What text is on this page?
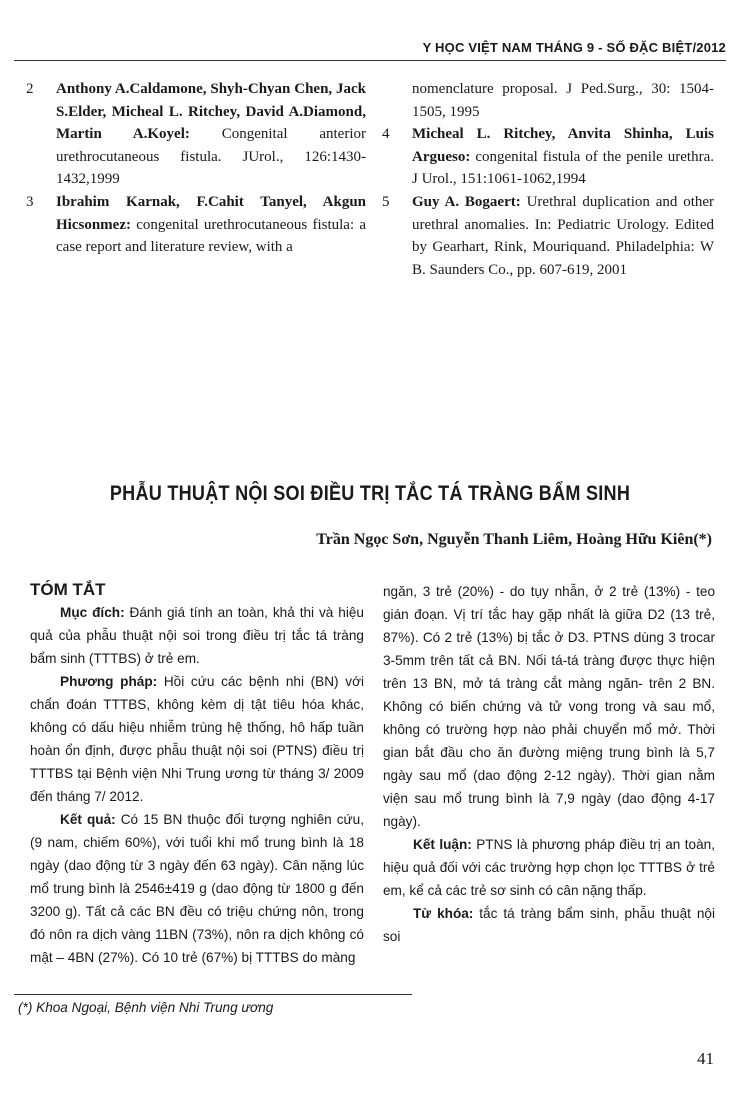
Y HỌC VIỆT NAM THÁNG 9 - SỐ ĐẶC BIỆT/2012
2	Anthony A.Caldamone, Shyh-Chyan Chen, Jack S.Elder, Micheal L. Ritchey, David A.Diamond, Martin A.Koyel: Congenital anterior urethrocutaneous fistula. JUrol., 126:1430-1432,1999
3	Ibrahim Karnak, F.Cahit Tanyel, Akgun Hicsonmez: congenital urethrocutaneous fistula: a case report and literature review, with a
nomenclature proposal. J Ped.Surg., 30: 1504-1505, 1995
4	Micheal L. Ritchey, Anvita Shinha, Luis Argueso: congenital fistula of the penile urethra. J Urol., 151:1061-1062,1994
5	Guy A. Bogaert: Urethral duplication and other urethral anomalies. In: Pediatric Urology. Edited by Gearhart, Rink, Mouriquand. Philadelphia: W B. Saunders Co., pp. 607-619, 2001
PHẪU THUẬT NỘI SOI ĐIỀU TRỊ TẮC TÁ TRÀNG BẨM SINH
Trần Ngọc Sơn, Nguyễn Thanh Liêm, Hoàng Hữu Kiên(*)

TÓM TẮT

Mục đích: Đánh giá tính an toàn, khả thi và hiệu quả của phẫu thuật nội soi trong điều trị tắc tá tràng bẩm sinh (TTTBS) ở trẻ em.

Phương pháp: Hồi cứu các bệnh nhi (BN) với chẩn đoán TTTBS, không kèm dị tật tiêu hóa khác, không có dấu hiệu nhiễm trùng hệ thống, hô hấp tuần hoàn ổn định, được phẫu thuật nội soi (PTNS) điều trị TTTBS tại Bệnh viện Nhi Trung ương từ tháng 3/ 2009 đến tháng 7/ 2012.

Kết quả: Có 15 BN thuộc đối tượng nghiên cứu, (9 nam, chiếm 60%), với tuổi khi mổ trung bình là 18 ngày (dao động từ 3 ngày đến 63 ngày). Cân nặng lúc mổ trung bình là 2546±419 g (dao động từ 1800 g đến 3200 g). Tất cả các BN đều có triệu chứng nôn, trong đó nôn ra dịch vàng 11BN (73%), nôn ra dịch không có mật – 4BN (27%). Có 10 trẻ (67%) bị TTTBS do màng

ngăn, 3 trẻ (20%) - do tụy nhẫn, ở 2 trẻ (13%) - teo gián đoạn. Vị trí tắc hay gặp nhất là giữa D2 (13 trẻ, 87%). Có 2 trẻ (13%) bị tắc ở D3. PTNS dùng 3 trocar 3-5mm trên tất cả BN. Nối tá-tá tràng được thực hiện trên 13 BN, mở tá tràng cắt màng ngăn- trên 2 BN. Không có biến chứng và tử vong trong và sau mổ, không có trường hợp nào phải chuyển mổ mở. Thời gian bắt đầu cho ăn đường miệng trung bình là 5,7 ngày sau mổ (dao động 2-12 ngày). Thời gian nằm viện sau mổ trung bình là 7,9 ngày (dao động 4-17 ngày).

Kết luận: PTNS là phương pháp điều trị an toàn, hiệu quả đối với các trường hợp chọn lọc TTTBS ở trẻ em, kể cả các trẻ sơ sinh có cân nặng thấp.

Từ khóa: tắc tá tràng bẩm sinh, phẫu thuật nội soi

(*) Khoa Ngoại, Bệnh viện Nhi Trung ương
41
